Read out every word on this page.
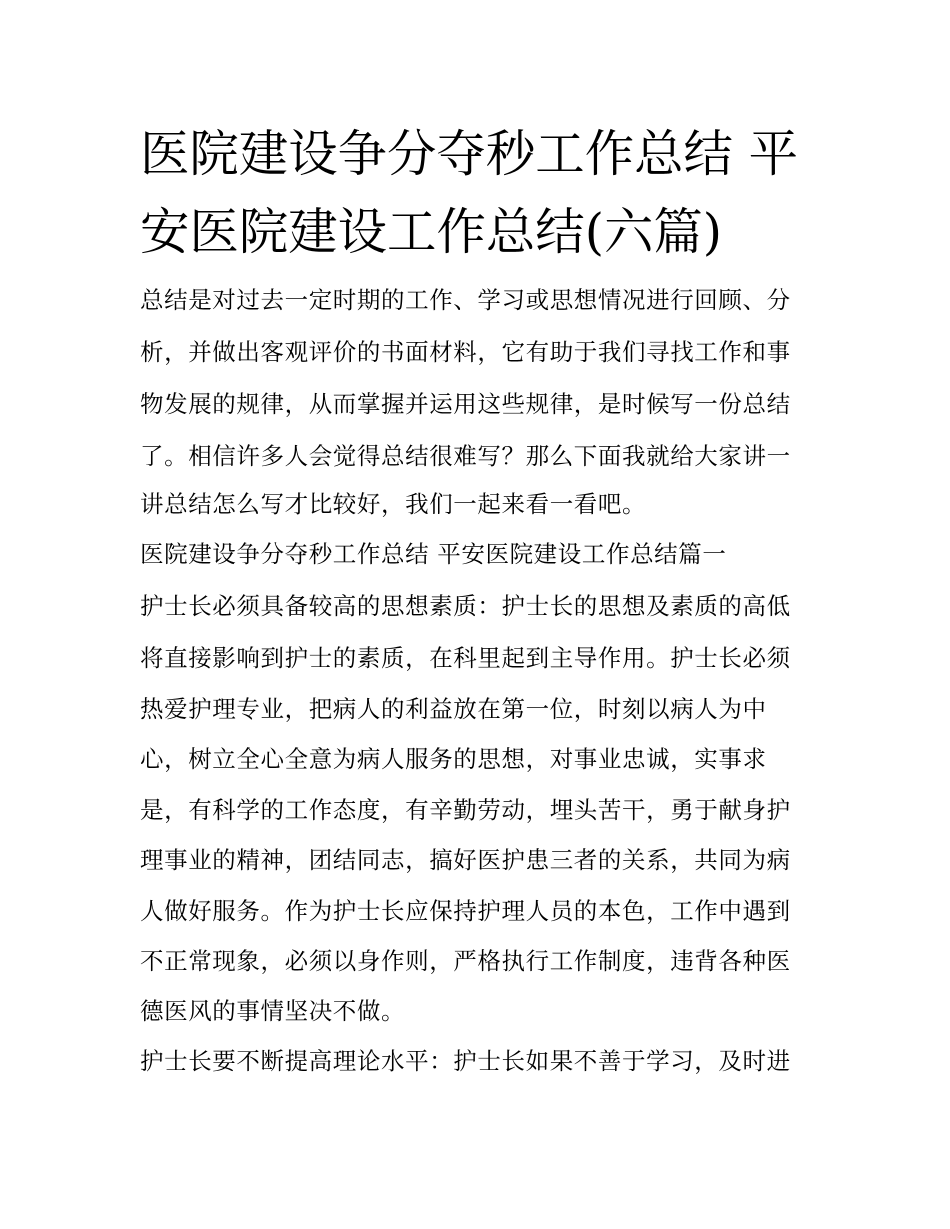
医院建设争分夺秒工作总结 平
安医院建设工作总结(六篇)
总结是对过去一定时期的工作、学习或思想情况进行回顾、分
析，并做出客观评价的书面材料，它有助于我们寻找工作和事
物发展的规律，从而掌握并运用这些规律，是时候写一份总结
了。相信许多人会觉得总结很难写？那么下面我就给大家讲一
讲总结怎么写才比较好，我们一起来看一看吧。
医院建设争分夺秒工作总结 平安医院建设工作总结篇一
护士长必须具备较高的思想素质：护士长的思想及素质的高低
将直接影响到护士的素质，在科里起到主导作用。护士长必须
热爱护理专业，把病人的利益放在第一位，时刻以病人为中
心，树立全心全意为病人服务的思想，对事业忠诚，实事求
是，有科学的工作态度，有辛勤劳动，埋头苦干，勇于献身护
理事业的精神，团结同志，搞好医护患三者的关系，共同为病
人做好服务。作为护士长应保持护理人员的本色，工作中遇到
不正常现象，必须以身作则，严格执行工作制度，违背各种医
德医风的事情坚决不做。
护士长要不断提高理论水平：护士长如果不善于学习，及时进
